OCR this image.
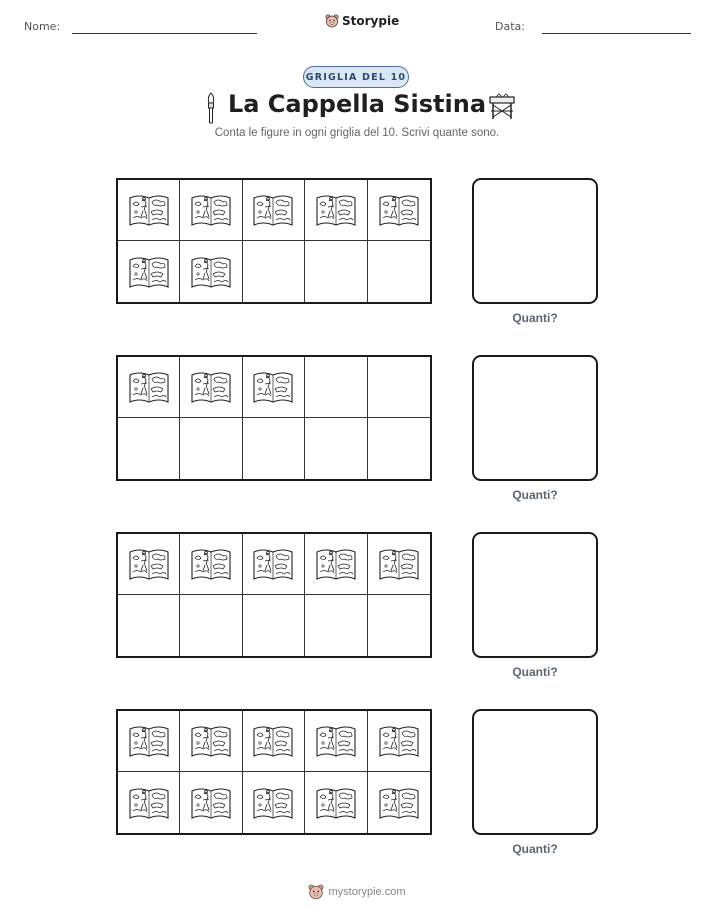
Nome:	Storypie	Data:
GRIGLIA DEL 10
La Cappella Sistina
Conta le figure in ogni griglia del 10. Scrivi quante sono.
Quanti?
Quanti?
Quanti?
Quanti?
mystorypie.com
